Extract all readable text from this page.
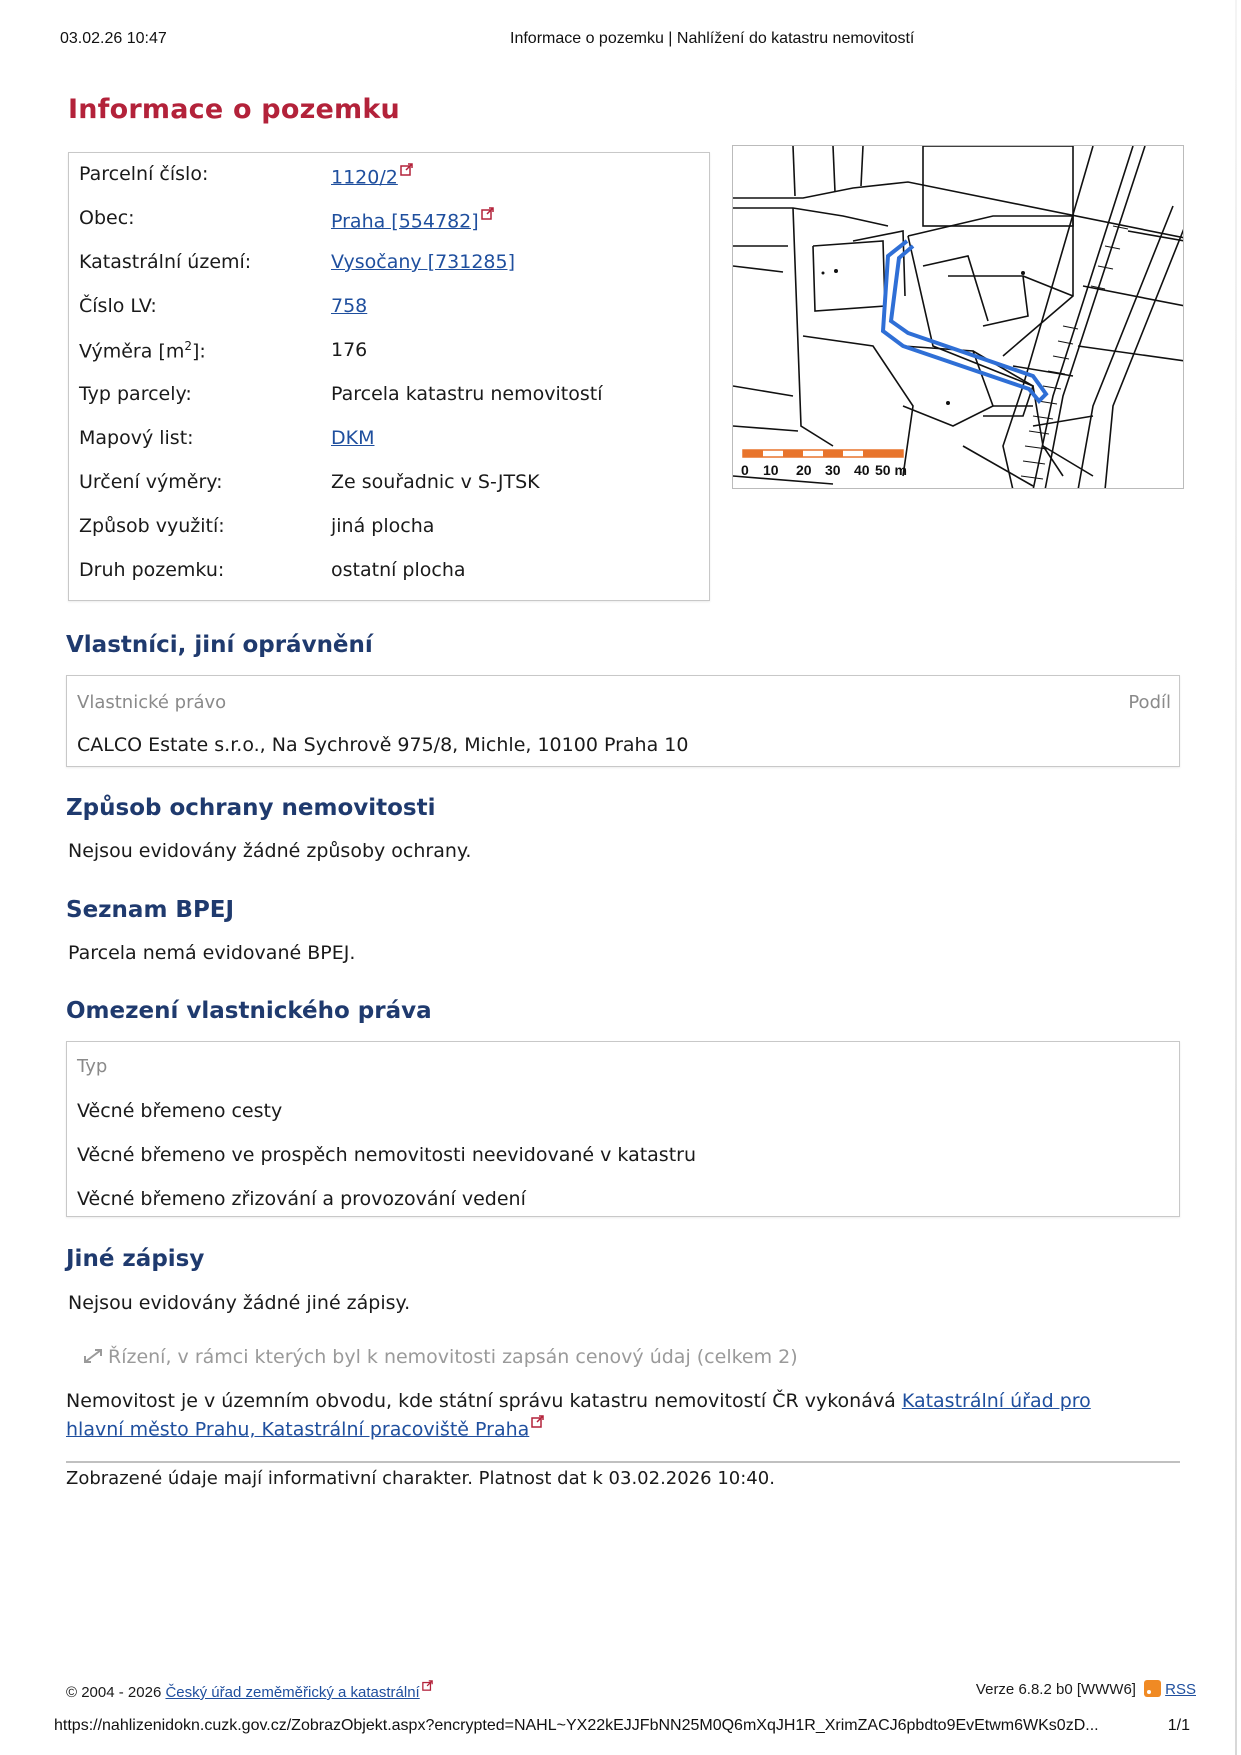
03.02.26 10:47	Informace o pozemku | Nahlížení do katastru nemovitostí
Informace o pozemku
Parcelní číslo:	1120/2
Obec:	Praha [554782]
Katastrální území:	Vysočany [731285]
Číslo LV:	758
Výměra $[m^2]$:	176
Typ parcely:	Parcela katastru nemovitostí
Mapový list:	DKM
Určení výměry:	Ze souřadnic v S-JTSK
Způsob využití:	jiná plocha
Druh pozemku:	ostatní plocha
0 10 20 30 40 50 m
Vlastníci, jiní oprávnění
Vlastnické právo	Podíl
CALCO Estate s.r.o., Na Sychrově 975/8, Michle, 10100 Praha 10
Způsob ochrany nemovitosti

Nejsou evidovány žádné způsoby ochrany.

Seznam BPEJ

Parcela nemá evidované BPEJ.

Omezení vlastnického práva
Typ
Věcné břemeno cesty
Věcné břemeno ve prospěch nemovitosti neevidované v katastru
Věcné břemeno zřizování a provozování vedení
Jiné zápisy

Nejsou evidovány žádné jiné zápisy.

Řízení, v rámci kterých byl k nemovitosti zapsán cenový údaj (celkem 2)

Nemovitost je v územním obvodu, kde státní správu katastru nemovitostí ČR vykonává Katastrální úřad pro hlavní město Prahu, Katastrální pracoviště Praha

Zobrazené údaje mají informativní charakter. Platnost dat k 03.02.2026 10:40.

© 2004 - 2026 Český úřad zeměměřický a katastrální	Verze 6.8.2 b0 [WWW6] RSS
https://nahlizenidokn.cuzk.gov.cz/ZobrazObjekt.aspx?encrypted=NAHL~YX22kEJJFbNN25M0Q6mXqJH1R_XrimZACJ6pbdto9EvEtwm6WKs0zD...	1/1
